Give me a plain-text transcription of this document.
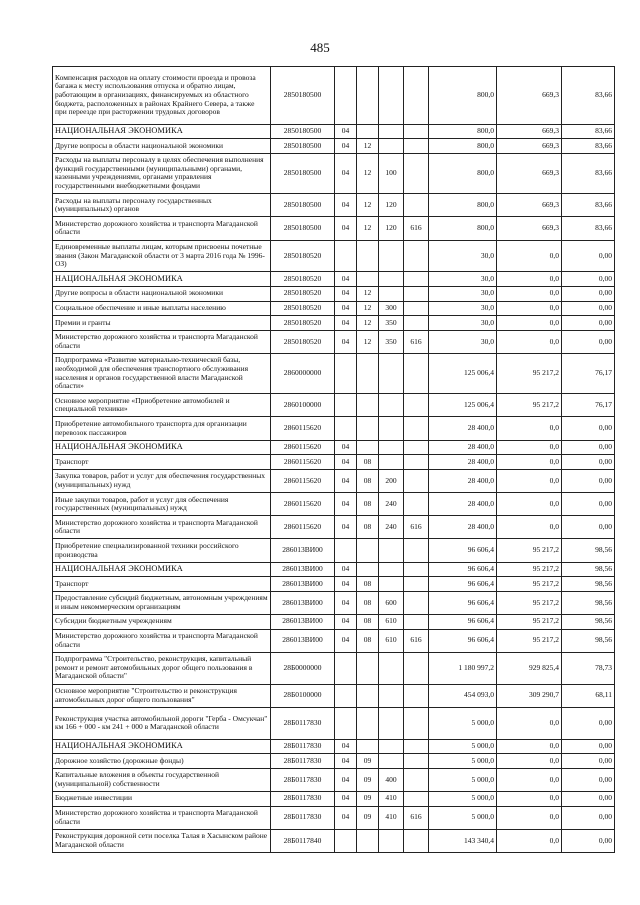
485
Компенсация расходов на оплату стоимости проезда и провоза багажа к месту использования отпуска и обратно лицам, работающим в организациях, финансируемых из областного бюджета, расположенных в районах Крайнего Севера, а также при переезде при расторжении трудовых договоров	2850180500					800,0	669,3	83,66
НАЦИОНАЛЬНАЯ ЭКОНОМИКА	2850180500	04				800,0	669,3	83,66
Другие вопросы в области национальной экономики	2850180500	04	12			800,0	669,3	83,66
Расходы на выплаты персоналу в целях обеспечения выполнения функций государственными (муниципальными) органами, казенными учреждениями, органами управления государственными внебюджетными фондами	2850180500	04	12	100		800,0	669,3	83,66
Расходы на выплаты персоналу государственных (муниципальных) органов	2850180500	04	12	120		800,0	669,3	83,66
Министерство дорожного хозяйства и транспорта Магаданской области	2850180500	04	12	120	616	800,0	669,3	83,66
Единовременные выплаты лицам, которым присвоены почетные звания (Закон Магаданской области от 3 марта 2016 года № 1996-ОЗ)	2850180520					30,0	0,0	0,00
НАЦИОНАЛЬНАЯ ЭКОНОМИКА	2850180520	04				30,0	0,0	0,00
Другие вопросы в области национальной экономики	2850180520	04	12			30,0	0,0	0,00
Социальное обеспечение и иные выплаты населению	2850180520	04	12	300		30,0	0,0	0,00
Премии и гранты	2850180520	04	12	350		30,0	0,0	0,00
Министерство дорожного хозяйства и транспорта Магаданской области	2850180520	04	12	350	616	30,0	0,0	0,00
Подпрограмма «Развитие материально-технической базы, необходимой для обеспечения транспортного обслуживания населения и органов государственной власти Магаданской области»	2860000000					125 006,4	95 217,2	76,17
Основное мероприятие «Приобретение автомобилей и специальной техники»	2860100000					125 006,4	95 217,2	76,17
Приобретение автомобильного транспорта для организации перевозок пассажиров	2860115620					28 400,0	0,0	0,00
НАЦИОНАЛЬНАЯ ЭКОНОМИКА	2860115620	04				28 400,0	0,0	0,00
Транспорт	2860115620	04	08			28 400,0	0,0	0,00
Закупка товаров, работ и услуг для обеспечения государственных (муниципальных) нужд	2860115620	04	08	200		28 400,0	0,0	0,00
Иные закупки товаров, работ и услуг для обеспечения государственных (муниципальных) нужд	2860115620	04	08	240		28 400,0	0,0	0,00
Министерство дорожного хозяйства и транспорта Магаданской области	2860115620	04	08	240	616	28 400,0	0,0	0,00
Приобретение специализированной техники российского производства	286013ВИ00					96 606,4	95 217,2	98,56
НАЦИОНАЛЬНАЯ ЭКОНОМИКА	286013ВИ00	04				96 606,4	95 217,2	98,56
Транспорт	286013ВИ00	04	08			96 606,4	95 217,2	98,56
Предоставление субсидий бюджетным, автономным учреждениям и иным некоммерческим организациям	286013ВИ00	04	08	600		96 606,4	95 217,2	98,56
Субсидии бюджетным учреждениям	286013ВИ00	04	08	610		96 606,4	95 217,2	98,56
Министерство дорожного хозяйства и транспорта Магаданской области	286013ВИ00	04	08	610	616	96 606,4	95 217,2	98,56
Подпрограмма "Строительство, реконструкция, капитальный ремонт и ремонт автомобильных дорог общего пользования в Магаданской области"	28Б0000000					1 180 997,2	929 825,4	78,73
Основное мероприятие "Строительство и реконструкция автомобильных дорог общего пользования"	28Б0100000					454 093,0	309 290,7	68,11
Реконструкция участка автомобильной дороги "Герба - Омсукчан" км 166 + 000 - км 241 + 000 в Магаданской области	28Б0117830					5 000,0	0,0	0,00
НАЦИОНАЛЬНАЯ ЭКОНОМИКА	28Б0117830	04				5 000,0	0,0	0,00
Дорожное хозяйство (дорожные фонды)	28Б0117830	04	09			5 000,0	0,0	0,00
Капитальные вложения в объекты государственной (муниципальной) собственности	28Б0117830	04	09	400		5 000,0	0,0	0,00
Бюджетные инвестиции	28Б0117830	04	09	410		5 000,0	0,0	0,00
Министерство дорожного хозяйства и транспорта Магаданской области	28Б0117830	04	09	410	616	5 000,0	0,0	0,00
Реконструкция дорожной сети поселка Талая в Хасынском районе Магаданской области	28Б0117840					143 340,4	0,0	0,00
